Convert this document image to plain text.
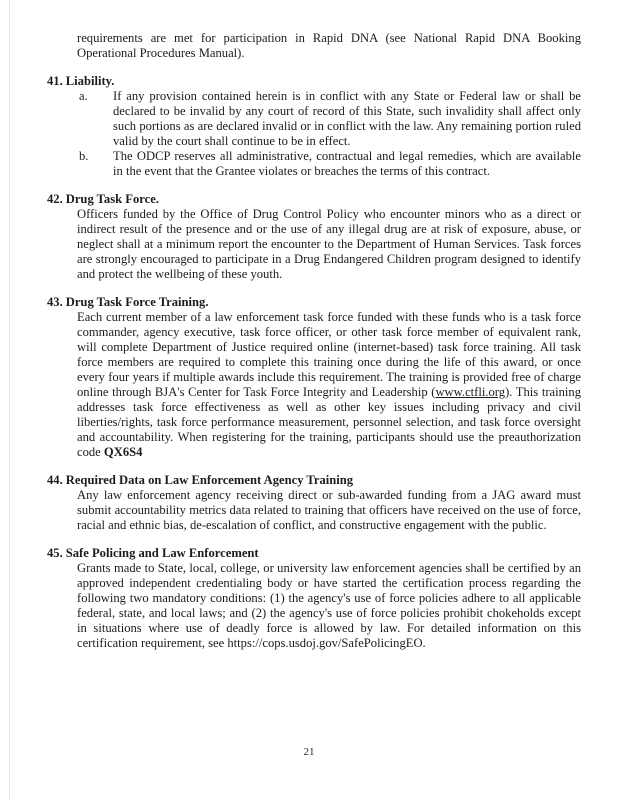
requirements are met for participation in Rapid DNA (see National Rapid DNA Booking Operational Procedures Manual).
41. Liability.
a.	If any provision contained herein is in conflict with any State or Federal law or shall be declared to be invalid by any court of record of this State, such invalidity shall affect only such portions as are declared invalid or in conflict with the law. Any remaining portion ruled valid by the court shall continue to be in effect.
b.	The ODCP reserves all administrative, contractual and legal remedies, which are available in the event that the Grantee violates or breaches the terms of this contract.
42. Drug Task Force.
Officers funded by the Office of Drug Control Policy who encounter minors who as a direct or indirect result of the presence and or the use of any illegal drug are at risk of exposure, abuse, or neglect shall at a minimum report the encounter to the Department of Human Services. Task forces are strongly encouraged to participate in a Drug Endangered Children program designed to identify and protect the wellbeing of these youth.
43. Drug Task Force Training.
Each current member of a law enforcement task force funded with these funds who is a task force commander, agency executive, task force officer, or other task force member of equivalent rank, will complete Department of Justice required online (internet-based) task force training. All task force members are required to complete this training once during the life of this award, or once every four years if multiple awards include this requirement. The training is provided free of charge online through BJA's Center for Task Force Integrity and Leadership (www.ctfli.org). This training addresses task force effectiveness as well as other key issues including privacy and civil liberties/rights, task force performance measurement, personnel selection, and task force oversight and accountability. When registering for the training, participants should use the preauthorization code QX6S4
44. Required Data on Law Enforcement Agency Training
Any law enforcement agency receiving direct or sub-awarded funding from a JAG award must submit accountability metrics data related to training that officers have received on the use of force, racial and ethnic bias, de-escalation of conflict, and constructive engagement with the public.
45. Safe Policing and Law Enforcement
Grants made to State, local, college, or university law enforcement agencies shall be certified by an approved independent credentialing body or have started the certification process regarding the following two mandatory conditions: (1) the agency's use of force policies adhere to all applicable federal, state, and local laws; and (2) the agency's use of force policies prohibit chokeholds except in situations where use of deadly force is allowed by law. For detailed information on this certification requirement, see https://cops.usdoj.gov/SafePolicingEO.
21
